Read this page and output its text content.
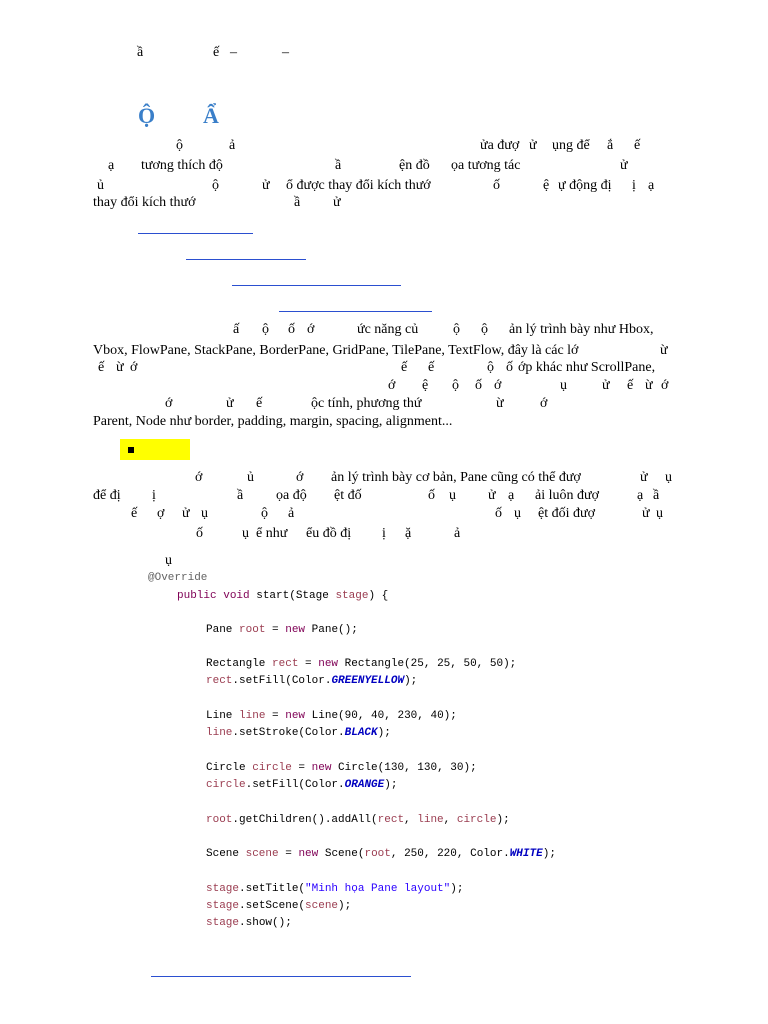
ầ	ế –	–
Ộ Ẩ
ộ	ả	ửa đượ ử ụng để ắ ế
ạ tương thích độ	ầ	ện đồ ọa tương tác	ử
ủ	ộ	ử ổ được thay đổi kích thướ	ố	ệ ự động đị ị ạ
thay đổi kích thướ	ầ ử
ấ ộ ố ớ	ức năng củ ộ ộ ản lý trình bày như Hbox,
Vbox, FlowPane, StackPane, BorderPane, GridPane, TilePane, TextFlow, đây là các lớ	ừ
ế ừ ớ	ế ế	ộ ố ớp khác như ScrollPane,
ớ ệ ộ ố ớ	ụ	ử ế ừ ớ
ớ	ử ế	ộc tính, phương thứ	ừ	ớ
Parent, Node như border, padding, margin, spacing, alignment...
ớ	ủ	ớ ản lý trình bày cơ bản, Pane cũng có thể đượ	ử ụ
để đị ị	ầ ọa độ ệt đố	ố ụ ử ạ ải luôn đượ	ạ ầ
ế ợ ử ụ	ộ ả	ố ụ ệt đối đượ	ử ụ
ố	ụ ể như ểu đồ đị ị ặ	ả
ụ
@Override
public void start(Stage stage) {
Pane root = new Pane();
Rectangle rect = new Rectangle(25, 25, 50, 50);
rect.setFill(Color.GREENYELLOW);
Line line = new Line(90, 40, 230, 40);
line.setStroke(Color.BLACK);
Circle circle = new Circle(130, 130, 30);
circle.setFill(Color.ORANGE);
root.getChildren().addAll(rect, line, circle);
Scene scene = new Scene(root, 250, 220, Color.WHITE);
stage.setTitle("Minh họa Pane layout");
stage.setScene(scene);
stage.show();
